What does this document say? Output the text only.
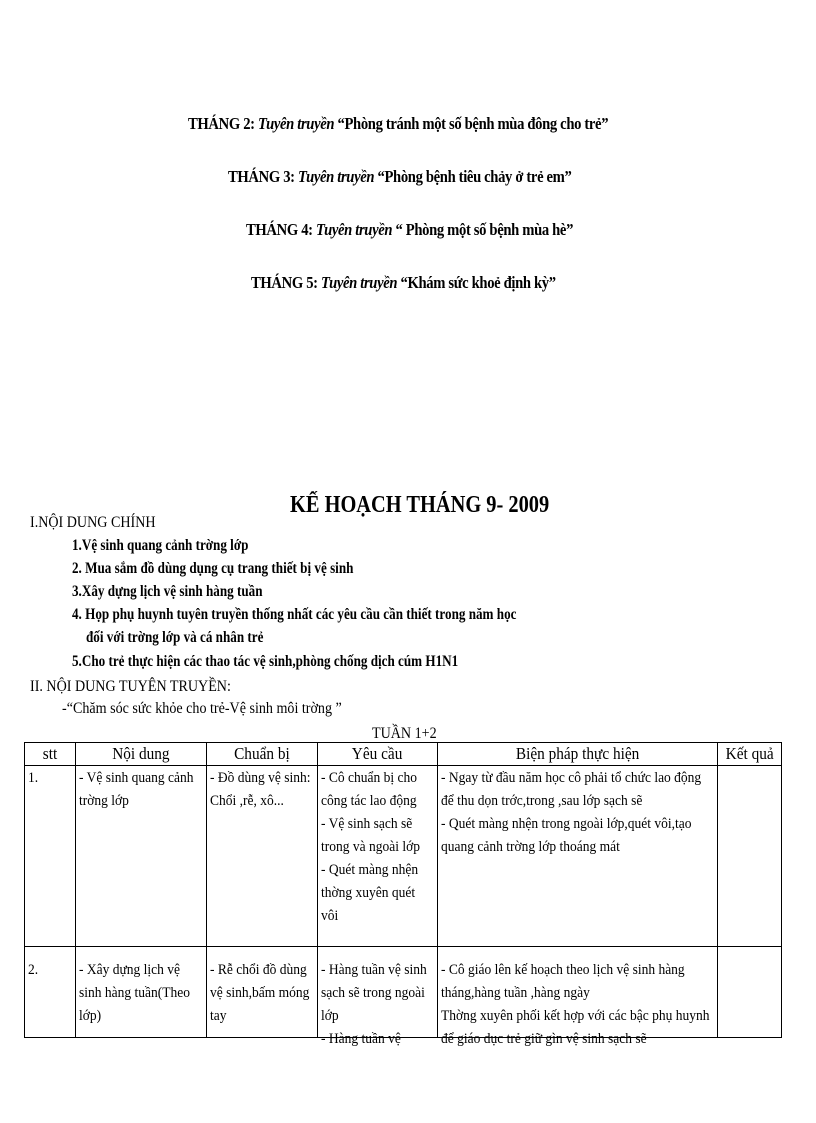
THÁNG 2: Tuyên truyền “Phòng tránh một số bệnh mùa đông cho trẻ”
THÁNG 3: Tuyên truyền “Phòng bệnh tiêu chảy ở trẻ em”
THÁNG 4: Tuyên truyền “ Phòng một số bệnh mùa hè”
THÁNG 5: Tuyên truyền “Khám sức khoẻ định kỳ”
KẾ HOẠCH THÁNG 9- 2009
I.NỘI DUNG CHÍNH
1.Vệ sinh quang cảnh trờng lớp
2. Mua sắm đồ dùng dụng cụ trang thiết bị vệ sinh
3.Xây dựng lịch vệ sinh hàng tuần
4. Họp phụ huynh tuyên truyền thống nhất các yêu cầu cần thiết trong năm học
đối với trờng lớp và cá nhân trẻ
5.Cho trẻ thực hiện các thao tác vệ sinh,phòng chống dịch cúm H1N1
II. NỘI DUNG TUYÊN TRUYỀN:
-“Chăm sóc sức khỏe cho trẻ-Vệ sinh môi trờng ”
TUẦN 1+2
stt	Nội dung	Chuẩn bị	Yêu cầu	Biện pháp thực hiện	Kết quả

1.	- Vệ sinh quang cảnh trờng lớp	- Đồ dùng vệ sinh: Chổi ,rễ, xô...	- Cô chuẩn bị cho công tác lao động
- Vệ sinh sạch sẽ trong và ngoài lớp
- Quét màng nhện thờng xuyên quét vôi	- Ngay từ đầu năm học cô phải tổ chức lao động để thu dọn trớc,trong ,sau lớp sạch sẽ
- Quét màng nhện trong ngoài lớp,quét vôi,tạo quang cảnh trờng lớp thoáng mát	

2.	- Xây dựng lịch vệ sinh hàng tuần(Theo lớp)	- Rễ chổi đồ dùng vệ sinh,bấm móng tay	- Hàng tuần vệ sinh sạch sẽ trong ngoài lớp
- Hàng tuần vệ	- Cô giáo lên kế hoạch theo lịch vệ sinh hàng tháng,hàng tuần ,hàng ngày
Thờng xuyên phối kết hợp với các bậc phụ huynh để giáo dục trẻ giữ gìn vệ sinh sạch sẽ	
